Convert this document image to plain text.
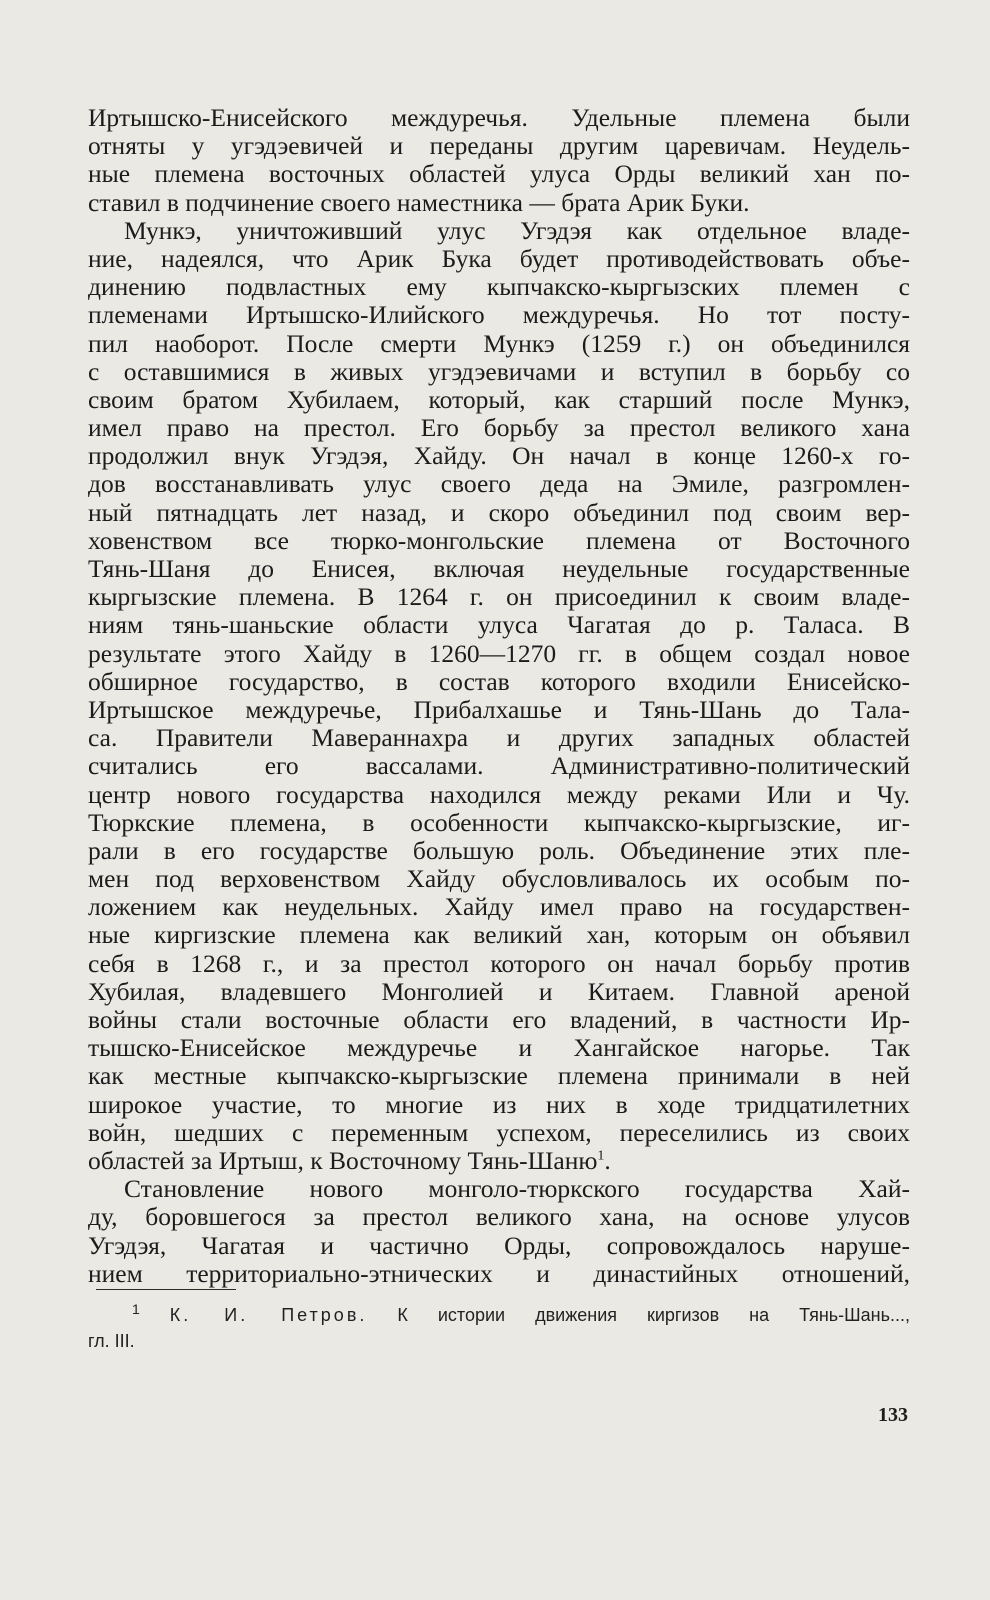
Иртышско-Енисейского междуречья. Удельные племена были
отняты у угэдэевичей и переданы другим царевичам. Неудель-
ные племена восточных областей улуса Орды великий хан по-
ставил в подчинение своего наместника — брата Арик Буки.
Мункэ, уничтоживший улус Угэдэя как отдельное владе-
ние, надеялся, что Арик Бука будет противодействовать объе-
динению подвластных ему кыпчакско-кыргызских племен с
племенами Иртышско-Илийского междуречья. Но тот посту-
пил наоборот. После смерти Мункэ (1259 г.) он объединился
с оставшимися в живых угэдэевичами и вступил в борьбу со
своим братом Хубилаем, который, как старший после Мункэ,
имел право на престол. Его борьбу за престол великого хана
продолжил внук Угэдэя, Хайду. Он начал в конце 1260-х го-
дов восстанавливать улус своего деда на Эмиле, разгромлен-
ный пятнадцать лет назад, и скоро объединил под своим вер-
ховенством все тюрко-монгольские племена от Восточного
Тянь-Шаня до Енисея, включая неудельные государственные
кыргызские племена. В 1264 г. он присоединил к своим владе-
ниям тянь-шаньские области улуса Чагатая до р. Таласа. В
результате этого Хайду в 1260—1270 гг. в общем создал новое
обширное государство, в состав которого входили Енисейско-
Иртышское междуречье, Прибалхашье и Тянь-Шань до Тала-
са. Правители Мавераннахра и других западных областей
считались его вассалами. Административно-политический
центр нового государства находился между реками Или и Чу.
Тюркские племена, в особенности кыпчакско-кыргызские, иг-
рали в его государстве большую роль. Объединение этих пле-
мен под верховенством Хайду обусловливалось их особым по-
ложением как неудельных. Хайду имел право на государствен-
ные киргизские племена как великий хан, которым он объявил
себя в 1268 г., и за престол которого он начал борьбу против
Хубилая, владевшего Монголией и Китаем. Главной ареной
войны стали восточные области его владений, в частности Ир-
тышско-Енисейское междуречье и Хангайское нагорье. Так
как местные кыпчакско-кыргызские племена принимали в ней
широкое участие, то многие из них в ходе тридцатилетних
войн, шедших с переменным успехом, переселились из своих
областей за Иртыш, к Восточному Тянь-Шаню$^1$.
Становление нового монголо-тюркского государства Хай-
ду, боровшегося за престол великого хана, на основе улусов
Угэдэя, Чагатая и частично Орды, сопровождалось наруше-
нием территориально-этнических и династийных отношений,
$^1$ К. И. Петров. К истории движения киргизов на Тянь-Шань...,
гл. III.
133
